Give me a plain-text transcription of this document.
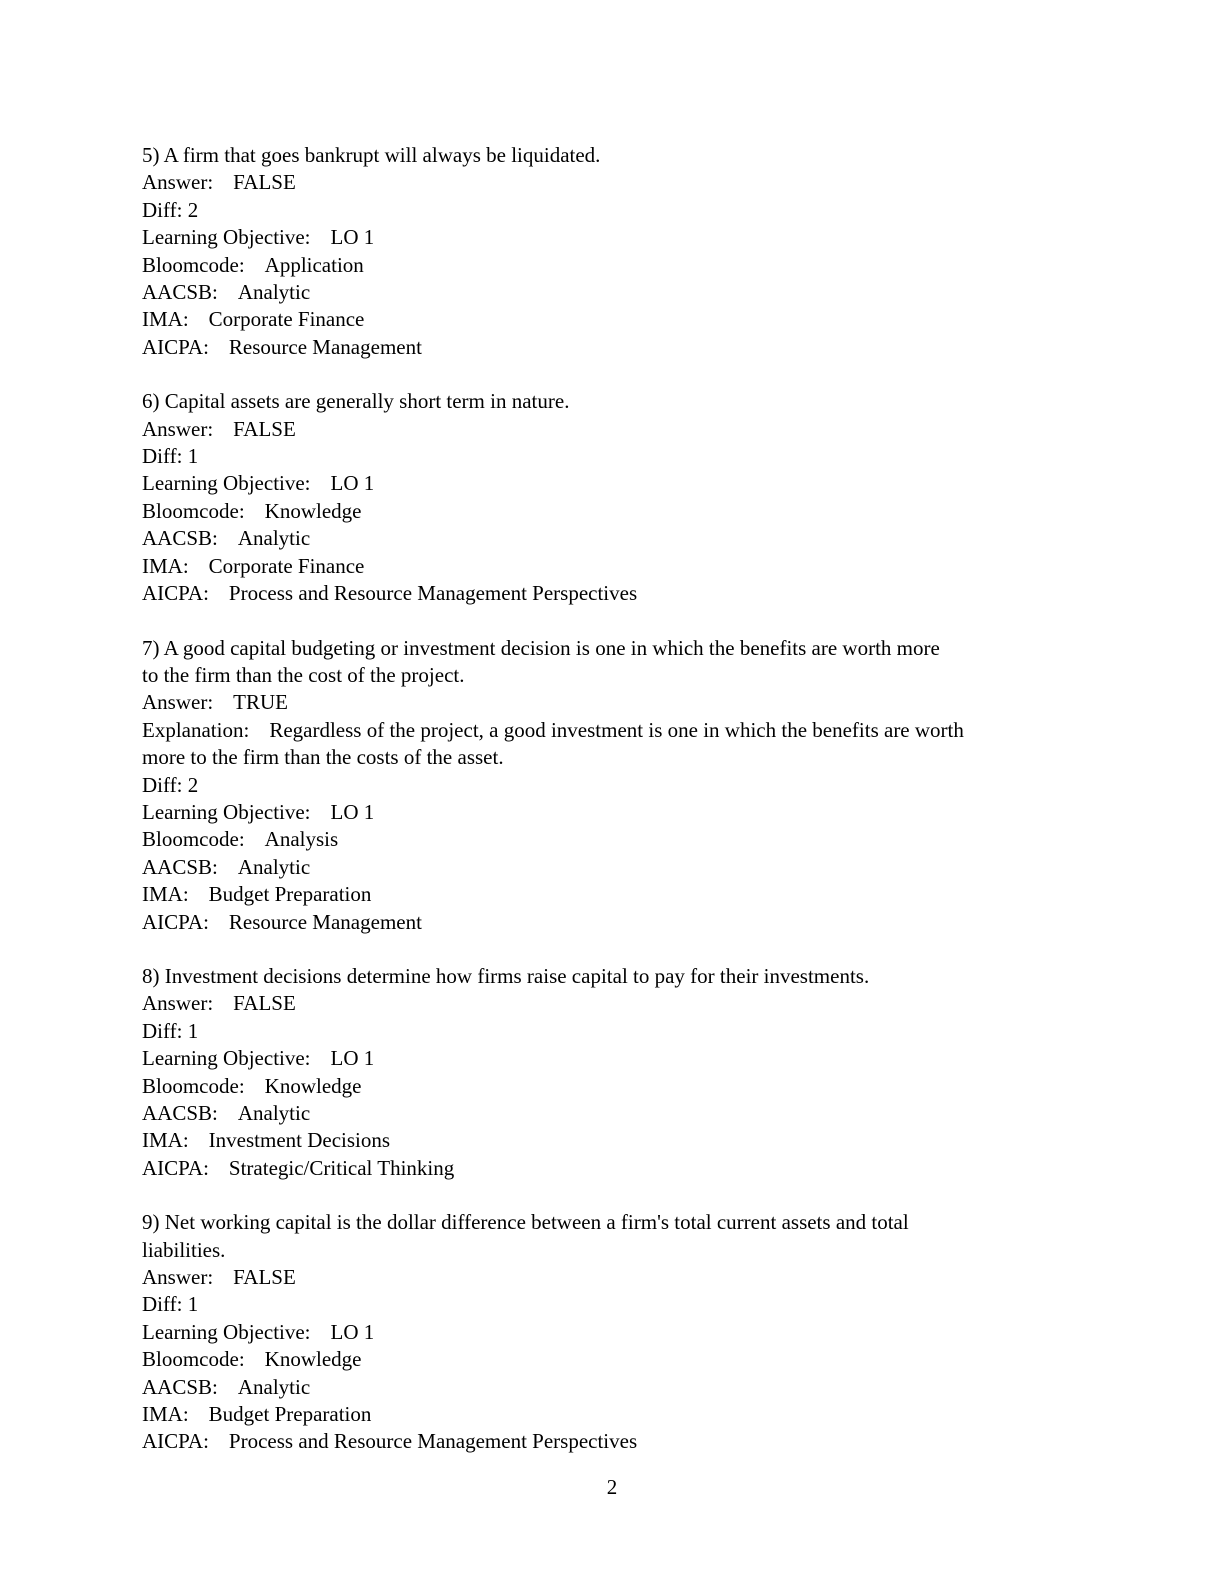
5) A firm that goes bankrupt will always be liquidated.
Answer: FALSE
Diff: 2
Learning Objective: LO 1
Bloomcode: Application
AACSB: Analytic
IMA: Corporate Finance
AICPA: Resource Management
6) Capital assets are generally short term in nature.
Answer: FALSE
Diff: 1
Learning Objective: LO 1
Bloomcode: Knowledge
AACSB: Analytic
IMA: Corporate Finance
AICPA: Process and Resource Management Perspectives
7) A good capital budgeting or investment decision is one in which the benefits are worth more
to the firm than the cost of the project.
Answer: TRUE
Explanation: Regardless of the project, a good investment is one in which the benefits are worth
more to the firm than the costs of the asset.
Diff: 2
Learning Objective: LO 1
Bloomcode: Analysis
AACSB: Analytic
IMA: Budget Preparation
AICPA: Resource Management
8) Investment decisions determine how firms raise capital to pay for their investments.
Answer: FALSE
Diff: 1
Learning Objective: LO 1
Bloomcode: Knowledge
AACSB: Analytic
IMA: Investment Decisions
AICPA: Strategic/Critical Thinking
9) Net working capital is the dollar difference between a firm's total current assets and total
liabilities.
Answer: FALSE
Diff: 1
Learning Objective: LO 1
Bloomcode: Knowledge
AACSB: Analytic
IMA: Budget Preparation
AICPA: Process and Resource Management Perspectives
2
